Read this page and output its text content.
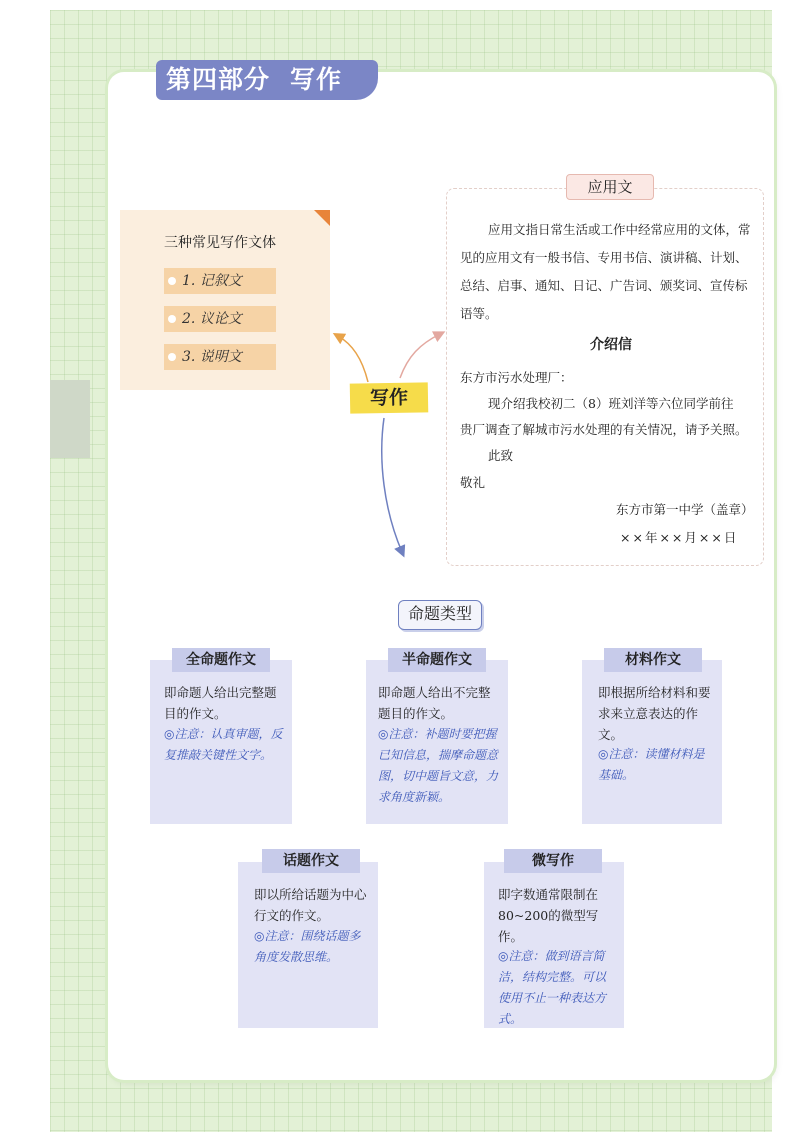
第四部分 写作
三种常见写作文体
1. 记叙文
2. 议论文
3. 说明文
写作
应用文
应用文指日常生活或工作中经常应用的文体，常见的应用文有一般书信、专用书信、演讲稿、计划、总结、启事、通知、日记、广告词、颁奖词、宣传标语等。
介绍信
东方市污水处理厂：
现介绍我校初二（8）班刘洋等六位同学前往
贵厂调查了解城市污水处理的有关情况，请予关照。
此致
敬礼
东方市第一中学（盖章）
××年××月××日
命题类型
全命题作文
即命题人给出完整题目的作文。
◎注意：认真审题，反复推敲关键性文字。
半命题作文
即命题人给出不完整题目的作文。
◎注意：补题时要把握已知信息，揣摩命题意图，切中题旨文意，力求角度新颖。
材料作文
即根据所给材料和要求来立意表达的作文。
◎注意：读懂材料是基础。
话题作文
即以所给话题为中心行文的作文。
◎注意：围绕话题多角度发散思维。
微写作
即字数通常限制在80~200的微型写作。
◎注意：做到语言简洁，结构完整。可以使用不止一种表达方式。
